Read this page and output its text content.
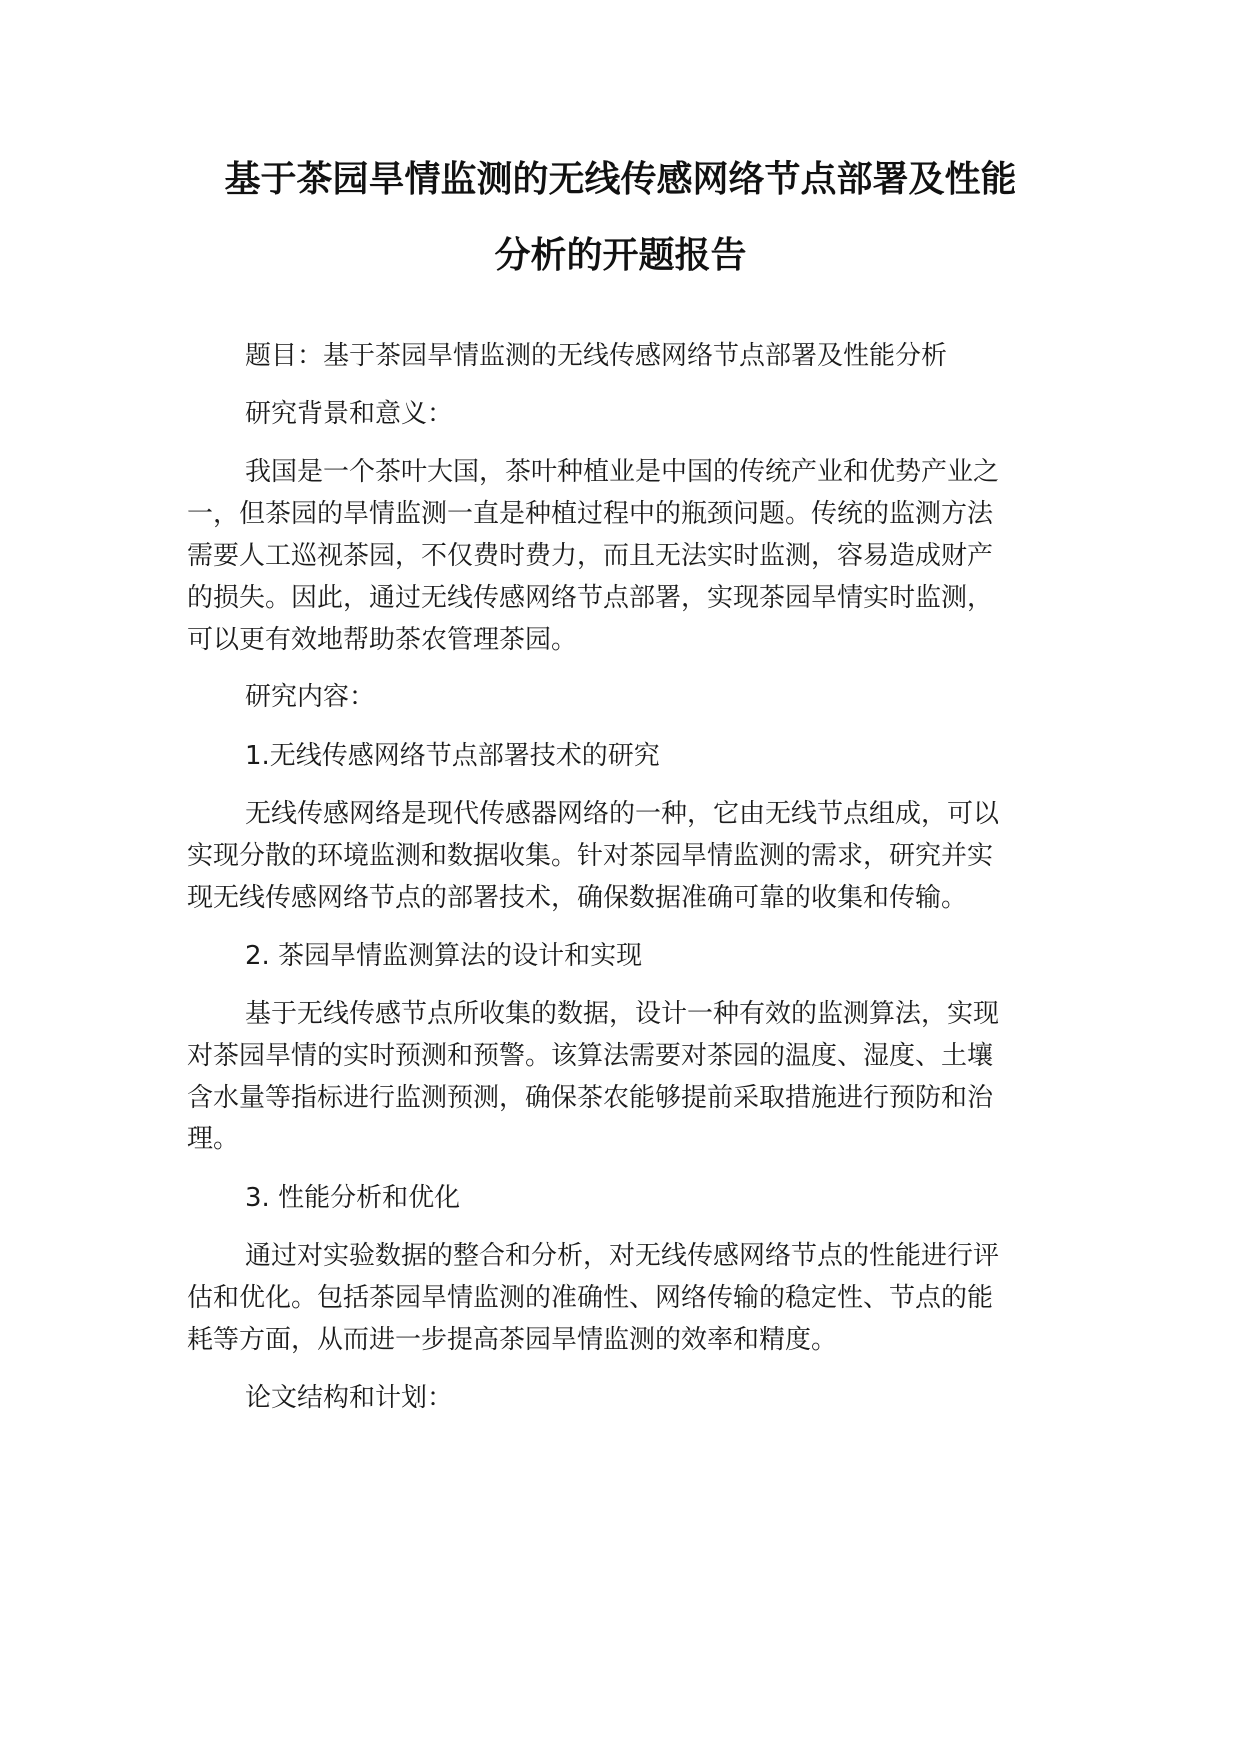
基于茶园旱情监测的无线传感网络节点部署及性能
分析的开题报告
题目：基于茶园旱情监测的无线传感网络节点部署及性能分析
研究背景和意义：
我国是一个茶叶大国，茶叶种植业是中国的传统产业和优势产业之
一，但茶园的旱情监测一直是种植过程中的瓶颈问题。传统的监测方法
需要人工巡视茶园，不仅费时费力，而且无法实时监测，容易造成财产
的损失。因此，通过无线传感网络节点部署，实现茶园旱情实时监测，
可以更有效地帮助茶农管理茶园。
研究内容：
1.无线传感网络节点部署技术的研究
无线传感网络是现代传感器网络的一种，它由无线节点组成，可以
实现分散的环境监测和数据收集。针对茶园旱情监测的需求，研究并实
现无线传感网络节点的部署技术，确保数据准确可靠的收集和传输。
2. 茶园旱情监测算法的设计和实现
基于无线传感节点所收集的数据，设计一种有效的监测算法，实现
对茶园旱情的实时预测和预警。该算法需要对茶园的温度、湿度、土壤
含水量等指标进行监测预测，确保茶农能够提前采取措施进行预防和治
理。
3. 性能分析和优化
通过对实验数据的整合和分析，对无线传感网络节点的性能进行评
估和优化。包括茶园旱情监测的准确性、网络传输的稳定性、节点的能
耗等方面，从而进一步提高茶园旱情监测的效率和精度。
论文结构和计划：
